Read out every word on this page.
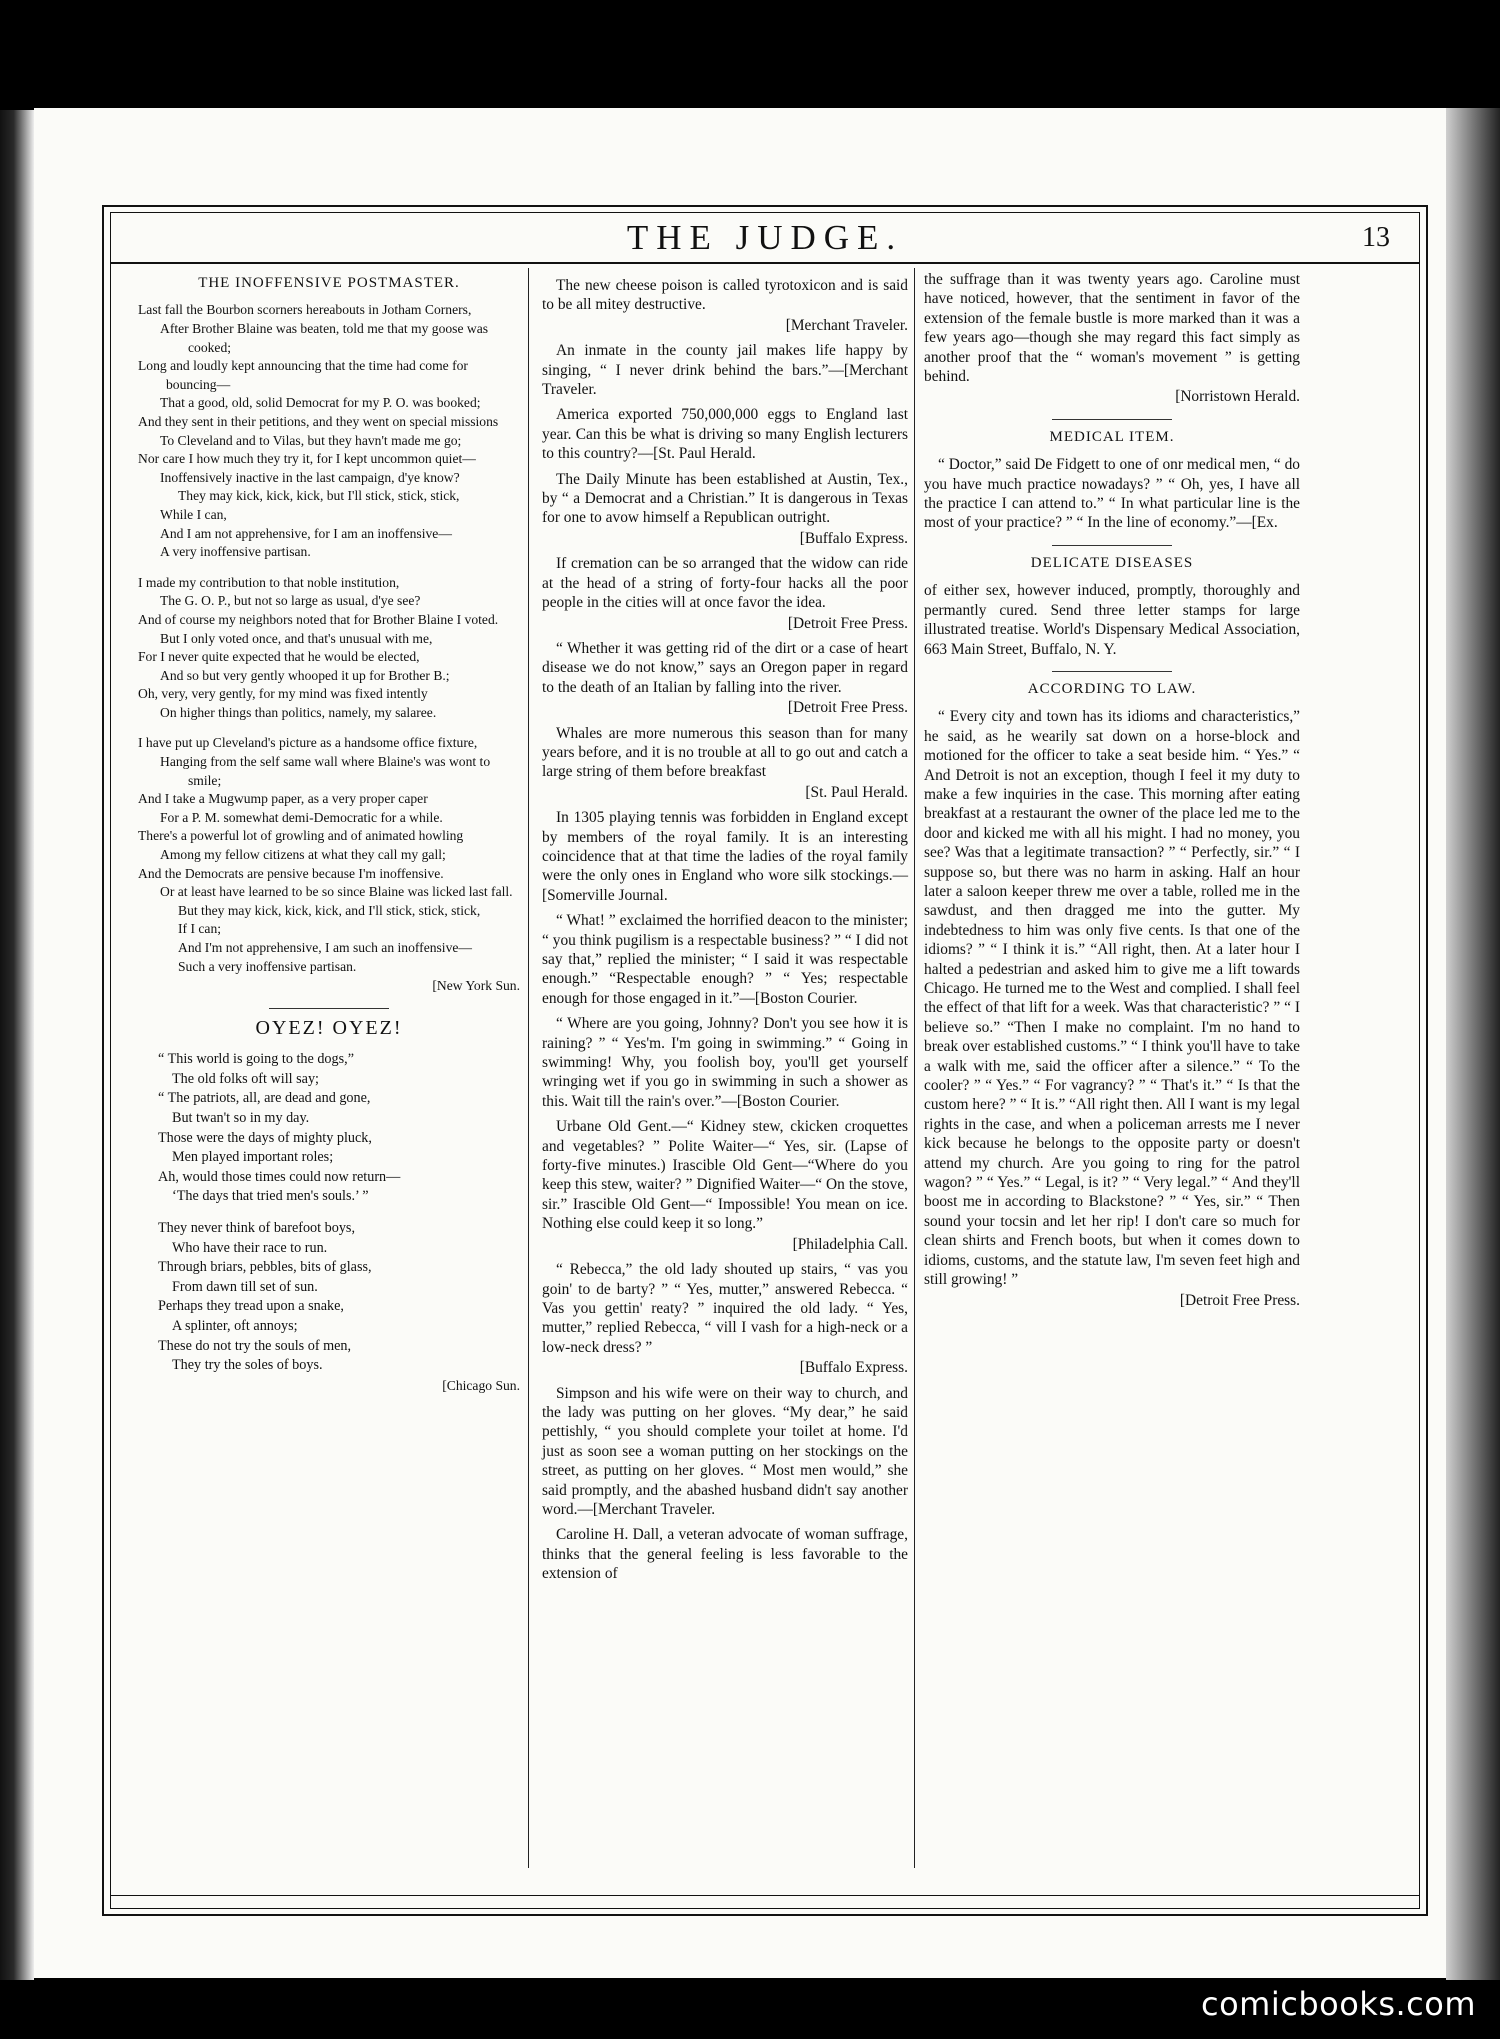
THE JUDGE.	13
THE INOFFENSIVE POSTMASTER.
Last fall the Bourbon scorners hereabouts in Jotham Corners,
After Brother Blaine was beaten, told me that my goose was cooked;
Long and loudly kept announcing that the time had come for bouncing—
That a good, old, solid Democrat for my P. O. was booked;
And they sent in their petitions, and they went on special missions
To Cleveland and to Vilas, but they havn't made me go;
Nor care I how much they try it, for I kept uncommon quiet—
Inoffensively inactive in the last campaign, d'ye know?
They may kick, kick, kick, but I'll stick, stick, stick,
While I can,
And I am not apprehensive, for I am an inoffensive—
A very inoffensive partisan.
I made my contribution to that noble institution,
The G. O. P., but not so large as usual, d'ye see?
And of course my neighbors noted that for Brother Blaine I voted.
But I only voted once, and that's unusual with me,
For I never quite expected that he would be elected,
And so but very gently whooped it up for Brother B.;
Oh, very, very gently, for my mind was fixed intently
On higher things than politics, namely, my salaree.
I have put up Cleveland's picture as a handsome office fixture,
Hanging from the self same wall where Blaine's was wont to smile;
And I take a Mugwump paper, as a very proper caper
For a P. M. somewhat demi-Democratic for a while.
There's a powerful lot of growling and of animated howling
Among my fellow citizens at what they call my gall;
And the Democrats are pensive because I'm inoffensive.
Or at least have learned to be so since Blaine was licked last fall.
But they may kick, kick, kick, and I'll stick, stick, stick,
If I can;
And I'm not apprehensive, I am such an inoffensive—
Such a very inoffensive partisan.
[New York Sun.
OYEZ! OYEZ!
“ This world is going to the dogs,”
The old folks oft will say;
“ The patriots, all, are dead and gone,
But twan't so in my day.
Those were the days of mighty pluck,
Men played important roles;
Ah, would those times could now return—
‘The days that tried men's souls.’ ”
They never think of barefoot boys,
Who have their race to run.
Through briars, pebbles, bits of glass,
From dawn till set of sun.
Perhaps they tread upon a snake,
A splinter, oft annoys;
These do not try the souls of men,
They try the soles of boys.
[Chicago Sun.

The new cheese poison is called tyrotoxicon and is said to be all mitey destructive.

[Merchant Traveler.

An inmate in the county jail makes life happy by singing, “ I never drink behind the bars.”—[Merchant Traveler.

America exported 750,000,000 eggs to England last year. Can this be what is driving so many English lecturers to this country?—[St. Paul Herald.

The Daily Minute has been established at Austin, Tex., by “ a Democrat and a Christian.” It is dangerous in Texas for one to avow himself a Republican outright.

[Buffalo Express.

If cremation can be so arranged that the widow can ride at the head of a string of forty-four hacks all the poor people in the cities will at once favor the idea.

[Detroit Free Press.

“ Whether it was getting rid of the dirt or a case of heart disease we do not know,” says an Oregon paper in regard to the death of an Italian by falling into the river.

[Detroit Free Press.

Whales are more numerous this season than for many years before, and it is no trouble at all to go out and catch a large string of them before breakfast

[St. Paul Herald.

In 1305 playing tennis was forbidden in England except by members of the royal family. It is an interesting coincidence that at that time the ladies of the royal family were the only ones in England who wore silk stockings.—[Somerville Journal.

“ What! ” exclaimed the horrified deacon to the minister; “ you think pugilism is a respectable business? ” “ I did not say that,” replied the minister; “ I said it was respectable enough.” “Respectable enough? ” “ Yes; respectable enough for those engaged in it.”—[Boston Courier.

“ Where are you going, Johnny? Don't you see how it is raining? ” “ Yes'm. I'm going in swimming.” “ Going in swimming! Why, you foolish boy, you'll get yourself wringing wet if you go in swimming in such a shower as this. Wait till the rain's over.”—[Boston Courier.

Urbane Old Gent.—“ Kidney stew, ckicken croquettes and vegetables? ” Polite Waiter—“ Yes, sir. (Lapse of forty-five minutes.) Irascible Old Gent—“Where do you keep this stew, waiter? ” Dignified Waiter—“ On the stove, sir.” Irascible Old Gent—“ Impossible! You mean on ice. Nothing else could keep it so long.”

[Philadelphia Call.

“ Rebecca,” the old lady shouted up stairs, “ vas you goin' to de barty? ” “ Yes, mutter,” answered Rebecca. “ Vas you gettin' reaty? ” inquired the old lady. “ Yes, mutter,” replied Rebecca, “ vill I vash for a high-neck or a low-neck dress? ”

[Buffalo Express.

Simpson and his wife were on their way to church, and the lady was putting on her gloves. “My dear,” he said pettishly, “ you should complete your toilet at home. I'd just as soon see a woman putting on her stockings on the street, as putting on her gloves. “ Most men would,” she said promptly, and the abashed husband didn't say another word.—[Merchant Traveler.

Caroline H. Dall, a veteran advocate of woman suffrage, thinks that the general feeling is less favorable to the extension of

the suffrage than it was twenty years ago. Caroline must have noticed, however, that the sentiment in favor of the extension of the female bustle is more marked than it was a few years ago—though she may regard this fact simply as another proof that the “ woman's movement ” is getting behind.

[Norristown Herald.
MEDICAL ITEM.

“ Doctor,” said De Fidgett to one of onr medical men, “ do you have much practice nowadays? ” “ Oh, yes, I have all the practice I can attend to.” “ In what particular line is the most of your practice? ” “ In the line of economy.”—[Ex.

DELICATE DISEASES

of either sex, however induced, promptly, thoroughly and permantly cured. Send three letter stamps for large illustrated treatise. World's Dispensary Medical Association, 663 Main Street, Buffalo, N. Y.

ACCORDING TO LAW.

“ Every city and town has its idioms and characteristics,” he said, as he wearily sat down on a horse-block and motioned for the officer to take a seat beside him. “ Yes.” “ And Detroit is not an exception, though I feel it my duty to make a few inquiries in the case. This morning after eating breakfast at a restaurant the owner of the place led me to the door and kicked me with all his might. I had no money, you see? Was that a legitimate transaction? ” “ Perfectly, sir.” “ I suppose so, but there was no harm in asking. Half an hour later a saloon keeper threw me over a table, rolled me in the sawdust, and then dragged me into the gutter. My indebtedness to him was only five cents. Is that one of the idioms? ” “ I think it is.” “All right, then. At a later hour I halted a pedestrian and asked him to give me a lift towards Chicago. He turned me to the West and complied. I shall feel the effect of that lift for a week. Was that characteristic? ” “ I believe so.” “Then I make no complaint. I'm no hand to break over established customs.” “ I think you'll have to take a walk with me, said the officer after a silence.” “ To the cooler? ” “ Yes.” “ For vagrancy? ” “ That's it.” “ Is that the custom here? ” “ It is.” “All right then. All I want is my legal rights in the case, and when a policeman arrests me I never kick because he belongs to the opposite party or doesn't attend my church. Are you going to ring for the patrol wagon? ” “ Yes.” “ Legal, is it? ” “ Very legal.” “ And they'll boost me in according to Blackstone? ” “ Yes, sir.” “ Then sound your tocsin and let her rip! I don't care so much for clean shirts and French boots, but when it comes down to idioms, customs, and the statute law, I'm seven feet high and still growing! ”

[Detroit Free Press.
comicbooks.com
